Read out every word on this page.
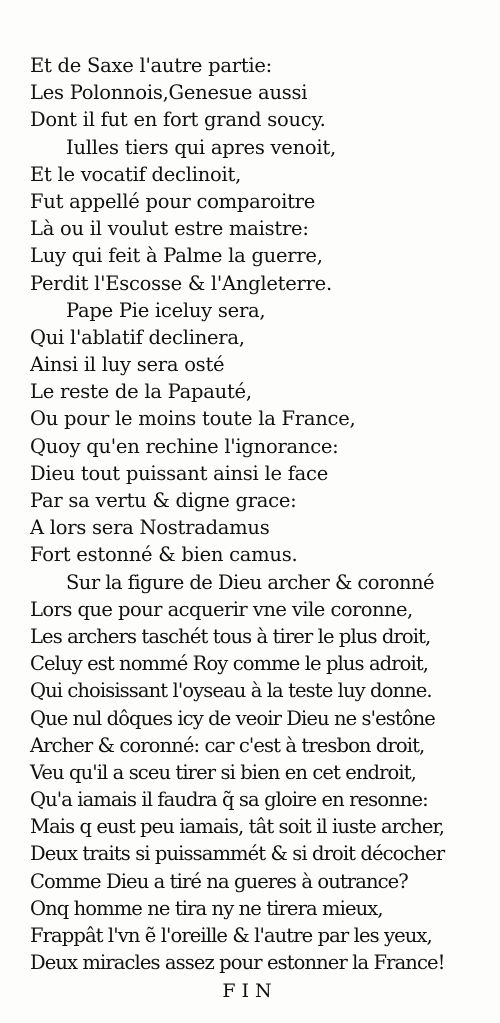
Et de Saxe l'autre partie:
Les Polonnois,Genesue aussi
Dont il fut en fort grand soucy.
Iulles tiers qui apres venoit,
Et le vocatif declinoit,
Fut appellé pour comparoitre
Là ou il voulut estre maistre:
Luy qui feit à Palme la guerre,
Perdit l'Escosse & l'Angleterre.
Pape Pie iceluy sera,
Qui l'ablatif declinera,
Ainsi il luy sera osté
Le reste de la Papauté,
Ou pour le moins toute la France,
Quoy qu'en rechine l'ignorance:
Dieu tout puissant ainsi le face
Par sa vertu & digne grace:
A lors sera Nostradamus
Fort estonné & bien camus.
Sur la figure de Dieu archer & coronné
Lors que pour acquerir vne vile coronne,
Les archers taschét tous à tirer le plus droit,
Celuy est nommé Roy comme le plus adroit,
Qui choisissant l'oyseau à la teste luy donne.
Que nul dôques icy de veoir Dieu ne s'estône
Archer & coronné: car c'est à tresbon droit,
Veu qu'il a sceu tirer si bien en cet endroit,
Qu'a iamais il faudra q̃ sa gloire en resonne:
Mais q eust peu iamais, tât soit il iuste archer,
Deux traits si puissammét & si droit décocher
Comme Dieu a tiré na gueres à outrance?
Onq homme ne tira ny ne tirera mieux,
Frappât l'vn ẽ l'oreille & l'autre par les yeux,
Deux miracles assez pour estonner la France!
FIN
